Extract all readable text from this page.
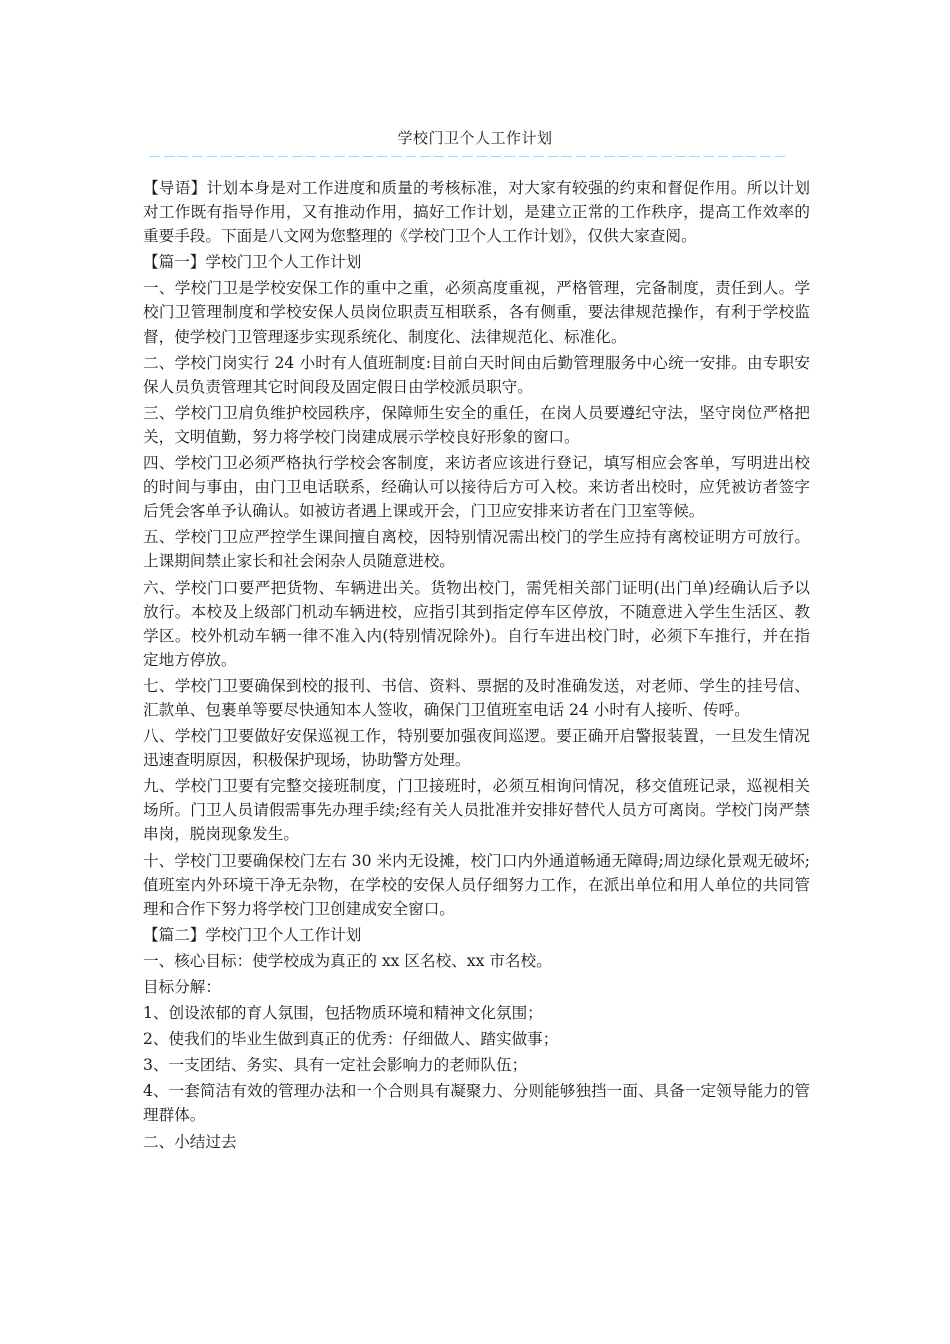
学校门卫个人工作计划
－－－－－－－－－－－－－－－－－－－－－－－－－－－－－－－－－－－－－－－－－－－－－

【导语】计划本身是对工作进度和质量的考核标准，对大家有较强的约束和督促作用。所以计划对工作既有指导作用，又有推动作用，搞好工作计划，是建立正常的工作秩序，提高工作效率的重要手段。下面是八文网为您整理的《学校门卫个人工作计划》，仅供大家查阅。

【篇一】学校门卫个人工作计划

一、学校门卫是学校安保工作的重中之重，必须高度重视，严格管理，完备制度，责任到人。学校门卫管理制度和学校安保人员岗位职责互相联系，各有侧重，要法律规范操作，有利于学校监督，使学校门卫管理逐步实现系统化、制度化、法律规范化、标准化。

二、学校门岗实行 24 小时有人值班制度:目前白天时间由后勤管理服务中心统一安排。由专职安保人员负责管理其它时间段及固定假日由学校派员职守。

三、学校门卫肩负维护校园秩序，保障师生安全的重任，在岗人员要遵纪守法，坚守岗位严格把关，文明值勤，努力将学校门岗建成展示学校良好形象的窗口。

四、学校门卫必须严格执行学校会客制度，来访者应该进行登记，填写相应会客单，写明进出校的时间与事由，由门卫电话联系，经确认可以接待后方可入校。来访者出校时，应凭被访者签字后凭会客单予认确认。如被访者遇上课或开会，门卫应安排来访者在门卫室等候。

五、学校门卫应严控学生课间擅自离校，因特别情况需出校门的学生应持有离校证明方可放行。上课期间禁止家长和社会闲杂人员随意进校。

六、学校门口要严把货物、车辆进出关。货物出校门，需凭相关部门证明(出门单)经确认后予以放行。本校及上级部门机动车辆进校，应指引其到指定停车区停放，不随意进入学生生活区、教学区。校外机动车辆一律不准入内(特别情况除外)。自行车进出校门时，必须下车推行，并在指定地方停放。

七、学校门卫要确保到校的报刊、书信、资料、票据的及时准确发送，对老师、学生的挂号信、汇款单、包裹单等要尽快通知本人签收，确保门卫值班室电话 24 小时有人接听、传呼。

八、学校门卫要做好安保巡视工作，特别要加强夜间巡逻。要正确开启警报装置，一旦发生情况迅速查明原因，积极保护现场，协助警方处理。

九、学校门卫要有完整交接班制度，门卫接班时，必须互相询问情况，移交值班记录，巡视相关场所。门卫人员请假需事先办理手续;经有关人员批准并安排好替代人员方可离岗。学校门岗严禁串岗，脱岗现象发生。

十、学校门卫要确保校门左右 30 米内无设摊，校门口内外通道畅通无障碍;周边绿化景观无破坏;值班室内外环境干净无杂物，在学校的安保人员仔细努力工作，在派出单位和用人单位的共同管理和合作下努力将学校门卫创建成安全窗口。

【篇二】学校门卫个人工作计划

一、核心目标：使学校成为真正的 xx 区名校、xx 市名校。

目标分解：

1、创设浓郁的育人氛围，包括物质环境和精神文化氛围；

2、使我们的毕业生做到真正的优秀：仔细做人、踏实做事；

3、一支团结、务实、具有一定社会影响力的老师队伍；

4、一套简洁有效的管理办法和一个合则具有凝聚力、分则能够独挡一面、具备一定领导能力的管理群体。

二、小结过去
